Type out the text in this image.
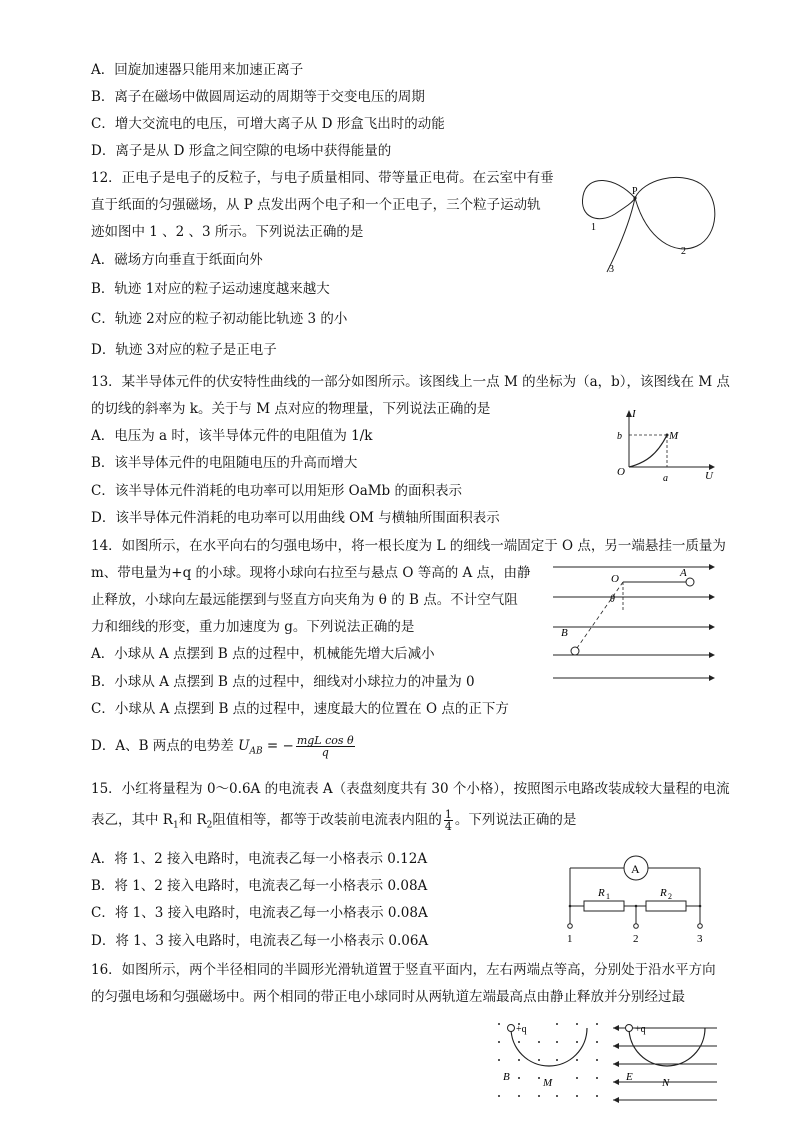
A．回旋加速器只能用来加速正离子
B．离子在磁场中做圆周运动的周期等于交变电压的周期
C．增大交流电的电压，可增大离子从 D 形盒飞出时的动能
D．离子是从 D 形盒之间空隙的电场中获得能量的
12．正电子是电子的反粒子，与电子质量相同、带等量正电荷。在云室中有垂
直于纸面的匀强磁场，从 P 点发出两个电子和一个正电子，三个粒子运动轨
迹如图中 1 、2 、3 所示。下列说法正确的是
A．磁场方向垂直于纸面向外
B．轨迹 1对应的粒子运动速度越来越大
C．轨迹 2对应的粒子初动能比轨迹 3 的小
D．轨迹 3对应的粒子是正电子
P
1
2
3
13．某半导体元件的伏安特性曲线的一部分如图所示。该图线上一点 M 的坐标为（a，b），该图线在 M 点
的切线的斜率为 k。关于与 M 点对应的物理量，下列说法正确的是
A．电压为 a 时，该半导体元件的电阻值为 1/k
B．该半导体元件的电阻随电压的升高而增大
C．该半导体元件消耗的电功率可以用矩形 OaMb 的面积表示
D．该半导体元件消耗的电功率可以用曲线 OM 与横轴所围面积表示
I
U
O
a
b	M
14．如图所示，在水平向右的匀强电场中，将一根长度为 L 的细线一端固定于 O 点，另一端悬挂一质量为
m、带电量为+q 的小球。现将小球向右拉至与悬点 O 等高的 A 点，由静
止释放，小球向左最远能摆到与竖直方向夹角为 θ 的 B 点。不计空气阻
力和细线的形变，重力加速度为 g。下列说法正确的是
A．小球从 A 点摆到 B 点的过程中，机械能先增大后减小
B．小球从 A 点摆到 B 点的过程中，细线对小球拉力的冲量为 0
C．小球从 A 点摆到 B 点的过程中，速度最大的位置在 O 点的正下方
D．A、B 两点的电势差 $U_{AB}$ = − $\frac{\text{mgL cos θ}}{q}$
O	A
B
θ
15．小红将量程为 0～0.6A 的电流表 A（表盘刻度共有 30 个小格），按照图示电路改装成较大量程的电流
表乙，其中 $R_1$和 $R_2$阻值相等，都等于改装前电流表内阻的 $\frac{1}{4}$ 。下列说法正确的是
A．将 1、2 接入电路时，电流表乙每一小格表示 0.12A
B．将 1、2 接入电路时，电流表乙每一小格表示 0.08A
C．将 1、3 接入电路时，电流表乙每一小格表示 0.08A
D．将 1、3 接入电路时，电流表乙每一小格表示 0.06A
A
R 1	R 2
1	2	3
16．如图所示，两个半径相同的半圆形光滑轨道置于竖直平面内，左右两端点等高，分别处于沿水平方向
的匀强电场和匀强磁场中。两个相同的带正电小球同时从两轨道左端最高点由静止释放并分别经过最
+q
B	M
+q
E	N
